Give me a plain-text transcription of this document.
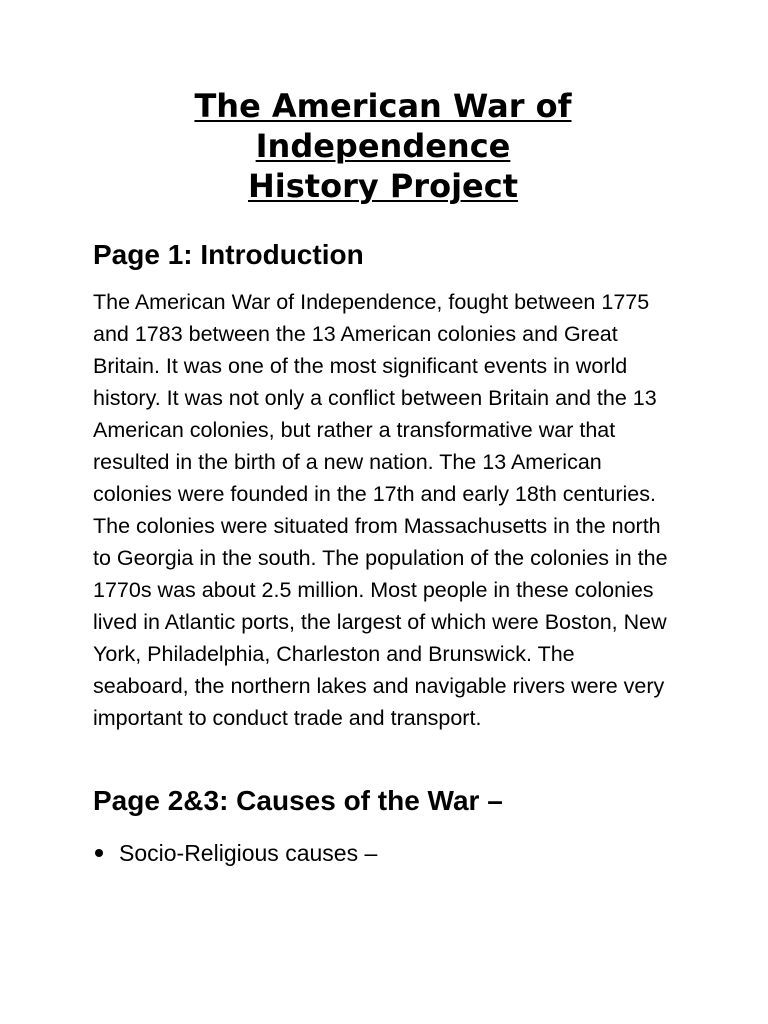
The American War of
Independence
History Project
Page 1: Introduction

The American War of Independence, fought between 1775 and 1783 between the 13 American colonies and Great Britain. It was one of the most significant events in world history. It was not only a conflict between Britain and the 13 American colonies, but rather a transformative war that resulted in the birth of a new nation. The 13 American colonies were founded in the 17th and early 18th centuries. The colonies were situated from Massachusetts in the north to Georgia in the south. The population of the colonies in the 1770s was about 2.5 million. Most people in these colonies lived in Atlantic ports, the largest of which were Boston, New York, Philadelphia, Charleston and Brunswick. The seaboard, the northern lakes and navigable rivers were very important to conduct trade and transport.

Page 2&3: Causes of the War –
Socio-Religious causes –
